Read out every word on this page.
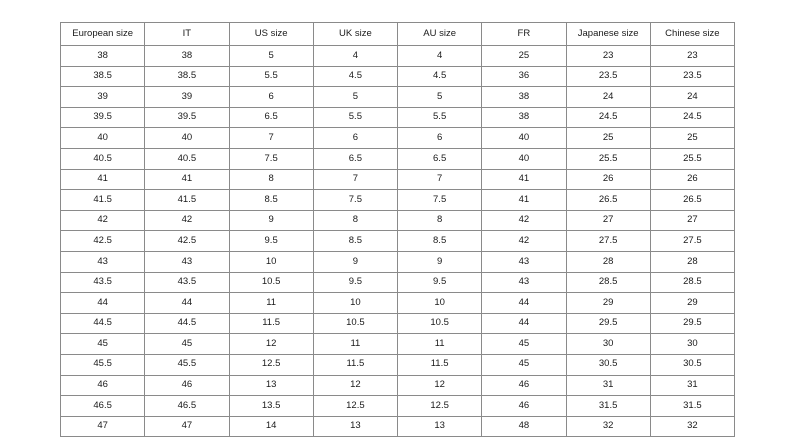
European size	IT	US size	UK size	AU size	FR	Japanese size	Chinese size
38	38	5	4	4	25	23	23
38.5	38.5	5.5	4.5	4.5	36	23.5	23.5
39	39	6	5	5	38	24	24
39.5	39.5	6.5	5.5	5.5	38	24.5	24.5
40	40	7	6	6	40	25	25
40.5	40.5	7.5	6.5	6.5	40	25.5	25.5
41	41	8	7	7	41	26	26
41.5	41.5	8.5	7.5	7.5	41	26.5	26.5
42	42	9	8	8	42	27	27
42.5	42.5	9.5	8.5	8.5	42	27.5	27.5
43	43	10	9	9	43	28	28
43.5	43.5	10.5	9.5	9.5	43	28.5	28.5
44	44	11	10	10	44	29	29
44.5	44.5	11.5	10.5	10.5	44	29.5	29.5
45	45	12	11	11	45	30	30
45.5	45.5	12.5	11.5	11.5	45	30.5	30.5
46	46	13	12	12	46	31	31
46.5	46.5	13.5	12.5	12.5	46	31.5	31.5
47	47	14	13	13	48	32	32
